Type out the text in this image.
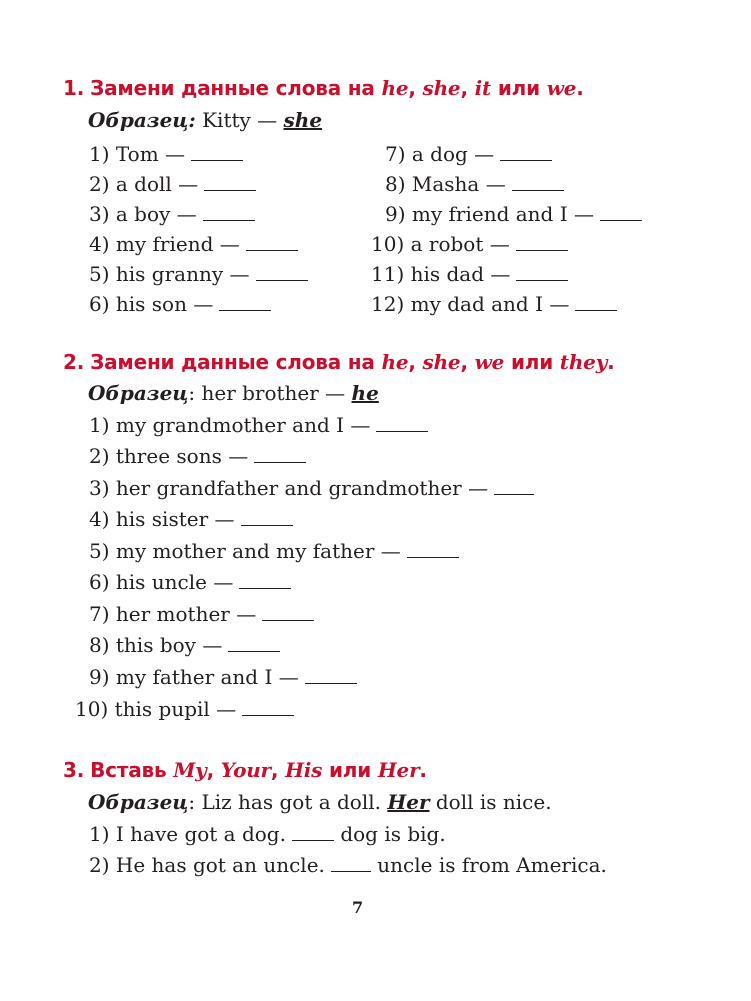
1. Замени данные слова на he, she, it или we.
Образец: Kitty — she
1) Tom —
2) a doll —
3) a boy —
4) my friend —
5) his granny —
6) his son —
7) a dog —
8) Masha —
9) my friend and I —
10) a robot —
11) his dad —
12) my dad and I —
2. Замени данные слова на he, she, we или they.
Образец: her brother — he
1) my grandmother and I —
2) three sons —
3) her grandfather and grandmother —
4) his sister —
5) my mother and my father —
6) his uncle —
7) her mother —
8) this boy —
9) my father and I —
10) this pupil —
3. Вставь My, Your, His или Her.
Образец: Liz has got a doll. Her doll is nice.
1) I have got a dog. dog is big.
2) He has got an uncle. uncle is from America.
7
